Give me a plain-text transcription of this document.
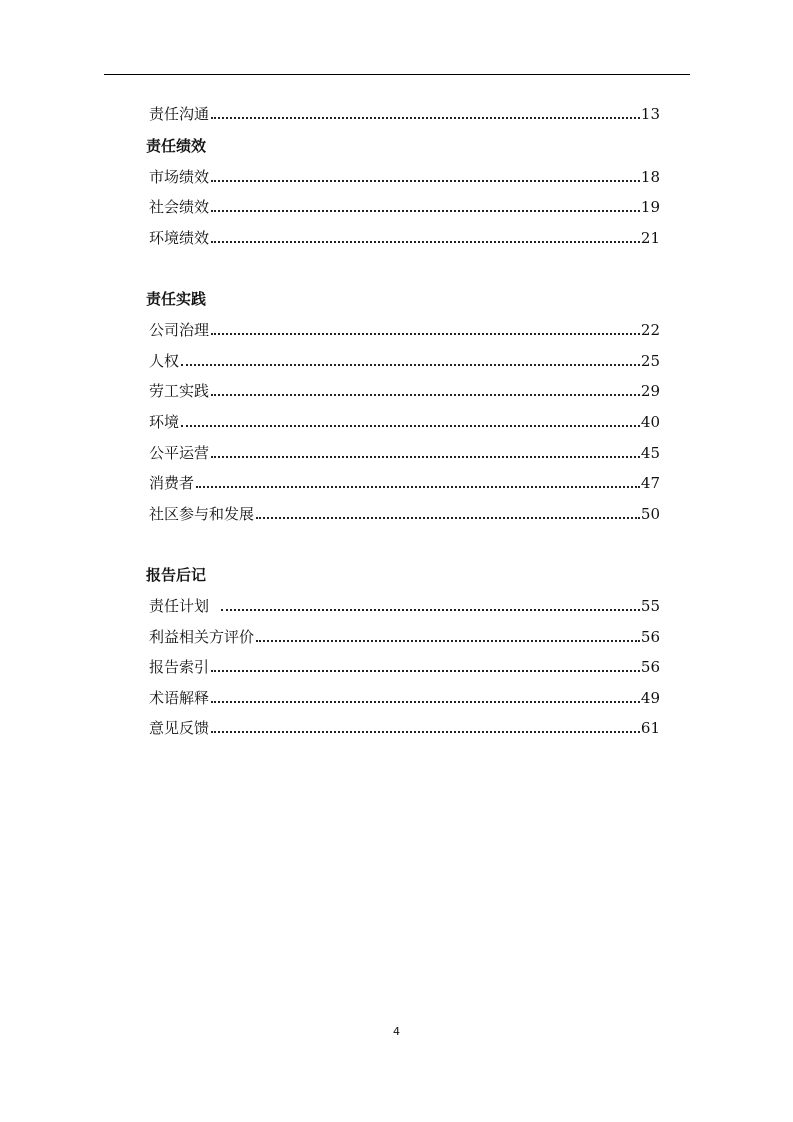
责任沟通	13
责任绩效
市场绩效	18
社会绩效	19
环境绩效	21
责任实践
公司治理	22
人权	25
劳工实践	29
环境	40
公平运营	45
消费者	47
社区参与和发展	50
报告后记
责任计划	55
利益相关方评价	56
报告索引	56
术语解释	49
意见反馈	61
4
